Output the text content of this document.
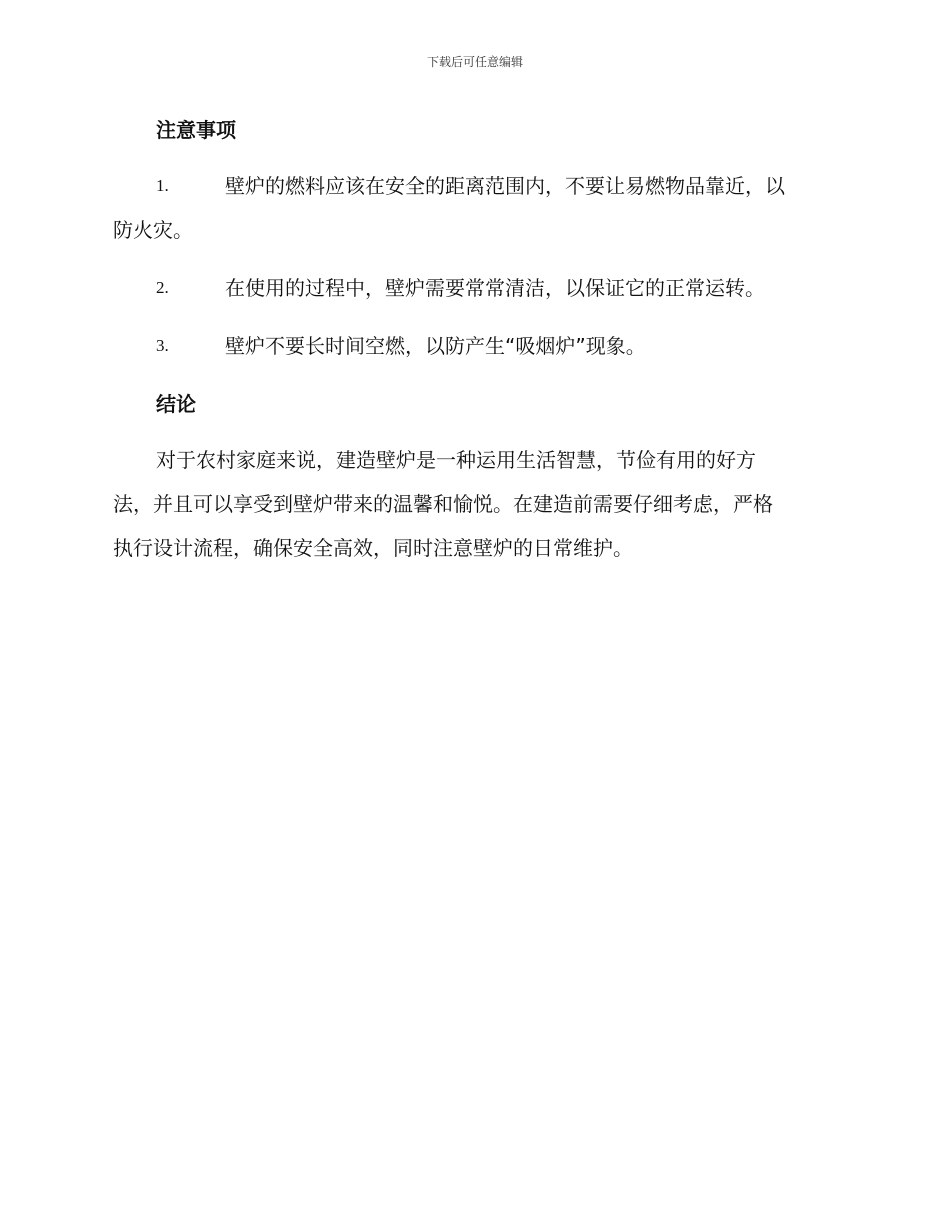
下载后可任意编辑
注意事项
1.	壁炉的燃料应该在安全的距离范围内，不要让易燃物品靠近，以
防火灾。
2.	在使用的过程中，壁炉需要常常清洁，以保证它的正常运转。
3.	壁炉不要长时间空燃，以防产生“吸烟炉”现象。
结论
对于农村家庭来说，建造壁炉是一种运用生活智慧，节俭有用的好方
法，并且可以享受到壁炉带来的温馨和愉悦。在建造前需要仔细考虑，严格
执行设计流程，确保安全高效，同时注意壁炉的日常维护。
